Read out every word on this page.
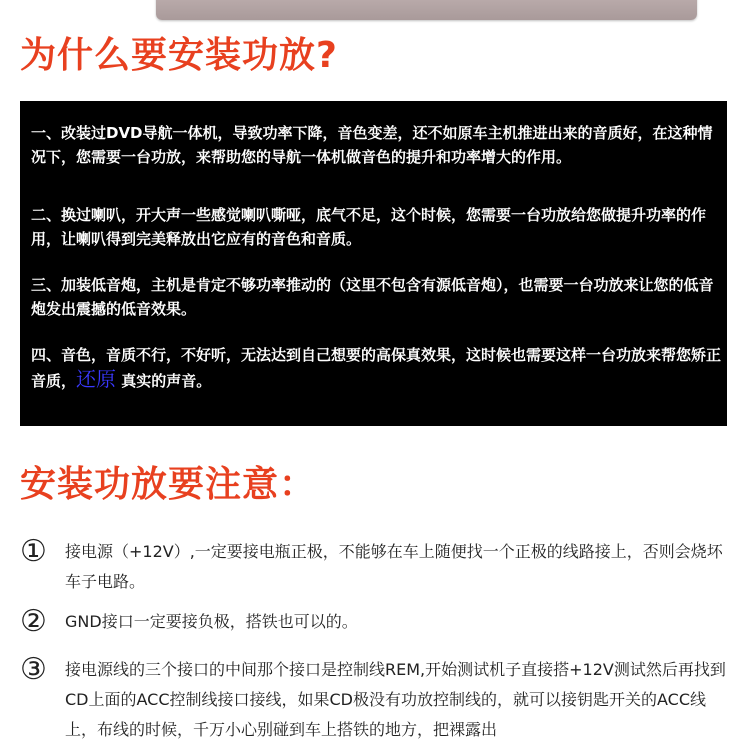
为什么要安装功放?

一、改装过DVD导航一体机，导致功率下降，音色变差，还不如原车主机推进出来的音质好，在这种情况下，您需要一台功放，来帮助您的导航一体机做音色的提升和功率增大的作用。

二、换过喇叭，开大声一些感觉喇叭嘶哑，底气不足，这个时候，您需要一台功放给您做提升功率的作用，让喇叭得到完美释放出它应有的音色和音质。

三、加装低音炮，主机是肯定不够功率推动的（这里不包含有源低音炮），也需要一台功放来让您的低音炮发出震撼的低音效果。

四、音色，音质不行，不好听，无法达到自己想要的高保真效果，这时候也需要这样一台功放来帮您矫正音质，还原 真实的声音。

安装功放要注意：
① 接电源（+12V）,一定要接电瓶正极，不能够在车上随便找一个正极的线路接上，否则会烧坏车子电路。

② GND接口一定要接负极，搭铁也可以的。

③ 接电源线的三个接口的中间那个接口是控制线REM,开始测试机子直接搭+12V测试然后再找到CD上面的ACC控制线接口接线，如果CD极没有功放控制线的，就可以接钥匙开关的ACC线上，布线的时候，千万小心别碰到车上搭铁的地方，把裸露出
